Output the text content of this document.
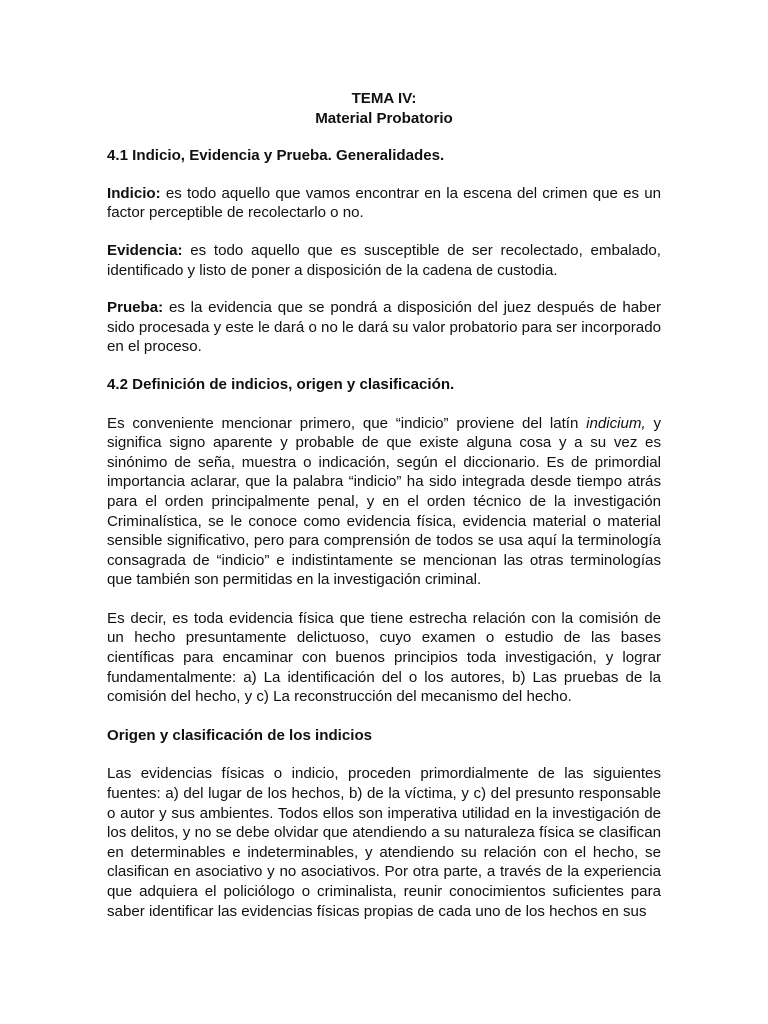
TEMA IV:

Material Probatorio

4.1 Indicio, Evidencia y Prueba. Generalidades.

Indicio: es todo aquello que vamos encontrar en la escena del crimen que es un factor perceptible de recolectarlo o no.

Evidencia: es todo aquello que es susceptible de ser recolectado, embalado, identificado y listo de poner a disposición de la cadena de custodia.

Prueba: es la evidencia que se pondrá a disposición del juez después de haber sido procesada y este le dará o no le dará su valor probatorio para ser incorporado en el proceso.

4.2 Definición de indicios, origen y clasificación.

Es conveniente mencionar primero, que “indicio” proviene del latín indicium, y significa signo aparente y probable de que existe alguna cosa y a su vez es sinónimo de seña, muestra o indicación, según el diccionario. Es de primordial importancia aclarar, que la palabra “indicio” ha sido integrada desde tiempo atrás para el orden principalmente penal, y en el orden técnico de la investigación Criminalística, se le conoce como evidencia física, evidencia material o material sensible significativo, pero para comprensión de todos se usa aquí la terminología consagrada de “indicio” e indistintamente se mencionan las otras terminologías que también son permitidas en la investigación criminal.

Es decir, es toda evidencia física que tiene estrecha relación con la comisión de un hecho presuntamente delictuoso, cuyo examen o estudio de las bases científicas para encaminar con buenos principios toda investigación, y lograr fundamentalmente: a) La identificación del o los autores, b) Las pruebas de la comisión del hecho, y c) La reconstrucción del mecanismo del hecho.

Origen y clasificación de los indicios

Las evidencias físicas o indicio, proceden primordialmente de las siguientes fuentes: a) del lugar de los hechos, b) de la víctima, y c) del presunto responsable o autor y sus ambientes. Todos ellos son imperativa utilidad en la investigación de los delitos, y no se debe olvidar que atendiendo a su naturaleza física se clasifican en determinables e indeterminables, y atendiendo su relación con el hecho, se clasifican en asociativo y no asociativos. Por otra parte, a través de la experiencia que adquiera el policiólogo o criminalista, reunir conocimientos suficientes para saber identificar las evidencias físicas propias de cada uno de los hechos en sus
